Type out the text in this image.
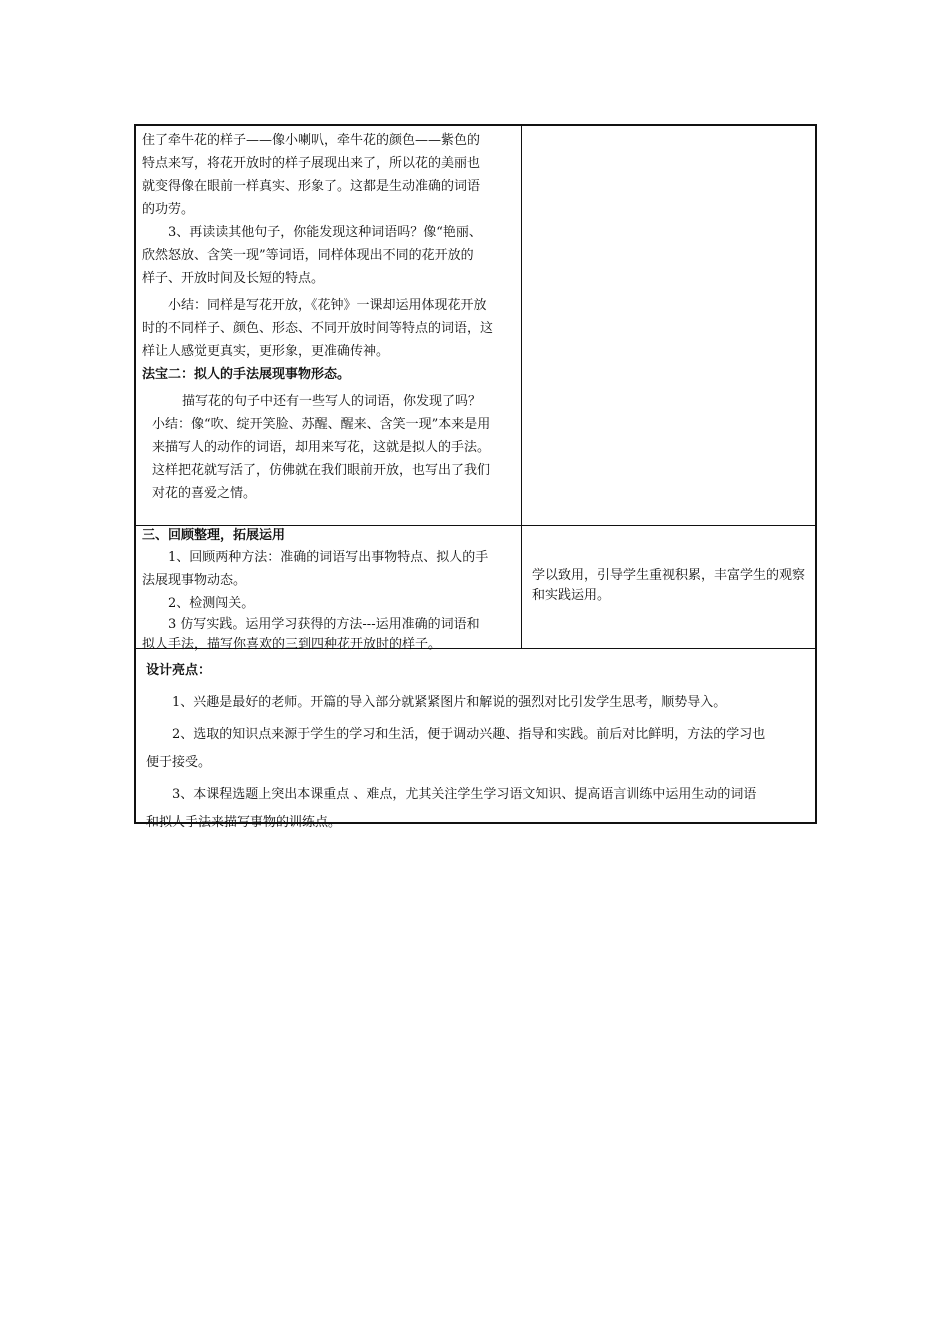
住了牵牛花的样子——像小喇叭，牵牛花的颜色——紫色的

特点来写，将花开放时的样子展现出来了，所以花的美丽也

就变得像在眼前一样真实、形象了。这都是生动准确的词语

的功劳。

3、再读读其他句子，你能发现这种词语吗？像“艳丽、

欣然怒放、含笑一现”等词语，同样体现出不同的花开放的

样子、开放时间及长短的特点。

小结：同样是写花开放，《花钟》一课却运用体现花开放

时的不同样子、颜色、形态、不同开放时间等特点的词语，这

样让人感觉更真实，更形象，更准确传神。

法宝二：拟人的手法展现事物形态。

描写花的句子中还有一些写人的词语，你发现了吗？

小结：像“吹、绽开笑脸、苏醒、醒来、含笑一现”本来是用

来描写人的动作的词语，却用来写花，这就是拟人的手法。

这样把花就写活了，仿佛就在我们眼前开放，也写出了我们

对花的喜爱之情。

三、回顾整理，拓展运用

1、回顾两种方法：准确的词语写出事物特点、拟人的手

法展现事物动态。

2、检测闯关。

3 仿写实践。运用学习获得的方法---运用准确的词语和

拟人手法，描写你喜欢的三到四种花开放时的样子。

学以致用，引导学生重视积累，丰富学生的观察和实践运用。

设计亮点：

1、兴趣是最好的老师。开篇的导入部分就紧紧图片和解说的强烈对比引发学生思考，顺势导入。

2、选取的知识点来源于学生的学习和生活，便于调动兴趣、指导和实践。前后对比鲜明，方法的学习也

便于接受。

3、本课程选题上突出本课重点 、难点，尤其关注学生学习语文知识、提高语言训练中运用生动的词语

和拟人手法来描写事物的训练点。
